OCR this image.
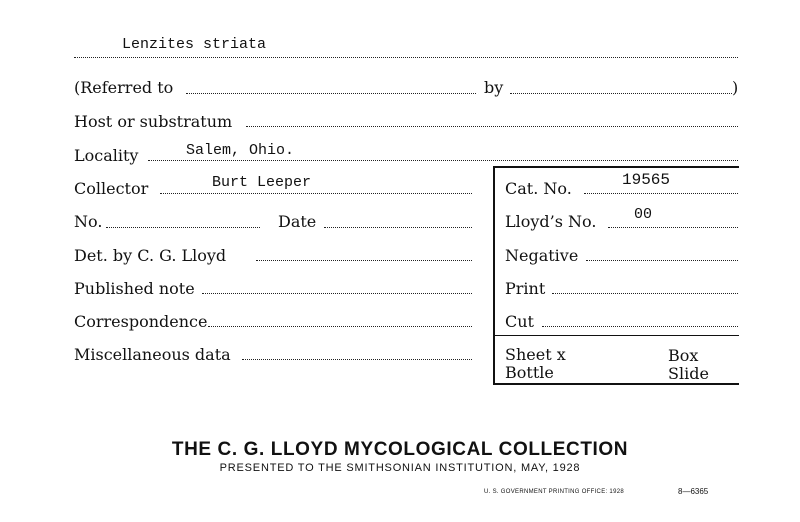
Lenzites striata
(Referred to	by	)
Host or substratum
Locality	Salem, Ohio.
Collector	Burt Leeper	Cat. No.	19565
No.	Date	Lloyd’s No.	00
Det. by C. G. Lloyd	Negative
Published note	Print
Correspondence	Cut
Miscellaneous data	Sheet x	Box
Bottle	Slide
THE C. G. LLOYD MYCOLOGICAL COLLECTION
PRESENTED TO THE SMITHSONIAN INSTITUTION, MAY, 1928
U. S. GOVERNMENT PRINTING OFFICE: 1928	8—6365
